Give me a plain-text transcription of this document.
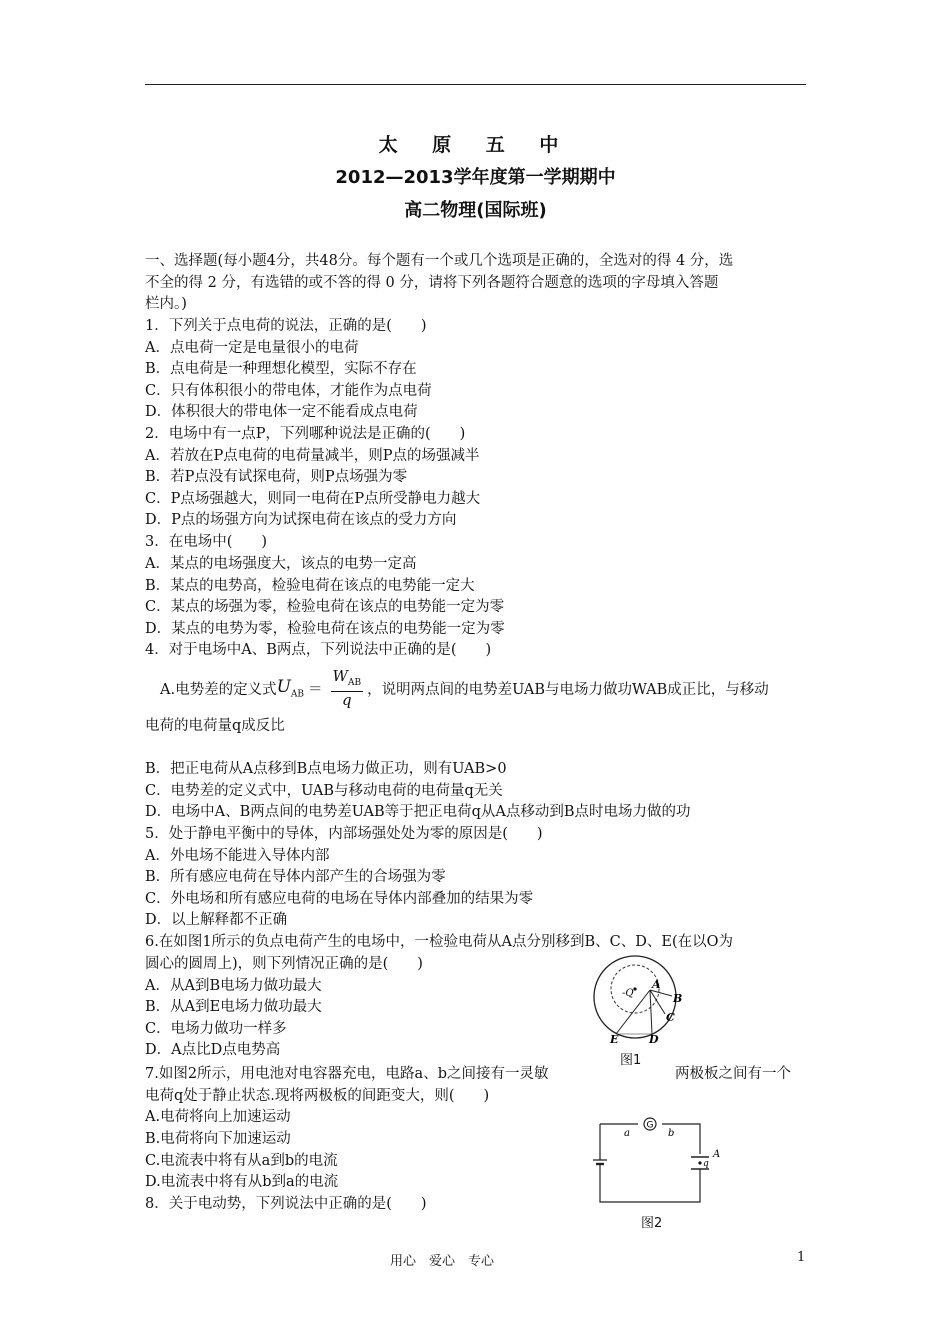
太 原 五 中
2012—2013学年度第一学期期中
高二物理(国际班)
一、选择题(每小题4分，共48分。每个题有一个或几个选项是正确的，全选对的得 4 分，选
不全的得 2 分，有选错的或不答的得 0 分，请将下列各题符合题意的选项的字母填入答题
栏内。)
1．下列关于点电荷的说法，正确的是(　　)
A．点电荷一定是电量很小的电荷
B．点电荷是一种理想化模型，实际不存在
C．只有体积很小的带电体，才能作为点电荷
D．体积很大的带电体一定不能看成点电荷
2．电场中有一点P，下列哪种说法是正确的(　　)
A．若放在P点电荷的电荷量减半，则P点的场强减半
B．若P点没有试探电荷，则P点场强为零
C．P点场强越大，则同一电荷在P点所受静电力越大
D．P点的场强方向为试探电荷在该点的受力方向
3．在电场中(　　)
A．某点的电场强度大，该点的电势一定高
B．某点的电势高，检验电荷在该点的电势能一定大
C．某点的场强为零，检验电荷在该点的电势能一定为零
D．某点的电势为零，检验电荷在该点的电势能一定为零
4．对于电场中A、B两点，下列说法中正确的是(　　)
A.电势差的定义式 $U_{AB} = \frac{W_{AB}}{q}$ ，说明两点间的电势差UAB与电场力做功WAB成正比，与移动
电荷的电荷量q成反比
B．把正电荷从A点移到B点电场力做正功，则有UAB>0
C．电势差的定义式中，UAB与移动电荷的电荷量q无关
D．电场中A、B两点间的电势差UAB等于把正电荷q从A点移动到B点时电场力做的功
5．处于静电平衡中的导体，内部场强处处为零的原因是(　　)
A．外电场不能进入导体内部
B．所有感应电荷在导体内部产生的合场强为零
C．外电场和所有感应电荷的电场在导体内部叠加的结果为零
D．以上解释都不正确
6.在如图1所示的负点电荷产生的电场中，一检验电荷从A点分别移到B、C、D、E(在以O为
圆心的圆周上)，则下列情况正确的是(　　)
A．从A到B电场力做功最大
B．从A到E电场力做功最大
C．电场力做功一样多
D．A点比D点电势高
-Q
A
B
C
D
E
图1
7.如图2所示，用电池对电容器充电，电路a、b之间接有一灵敏	两极板之间有一个
电荷q处于静止状态.现将两极板的间距变大，则(　　)
A.电荷将向上加速运动
B.电荷将向下加速运动
C.电流表中将有从a到b的电流
D.电流表中将有从b到a的电流
G
q
A
a	b
图2
8．关于电动势，下列说法中正确的是(　　)
用心　爱心　专心	1
